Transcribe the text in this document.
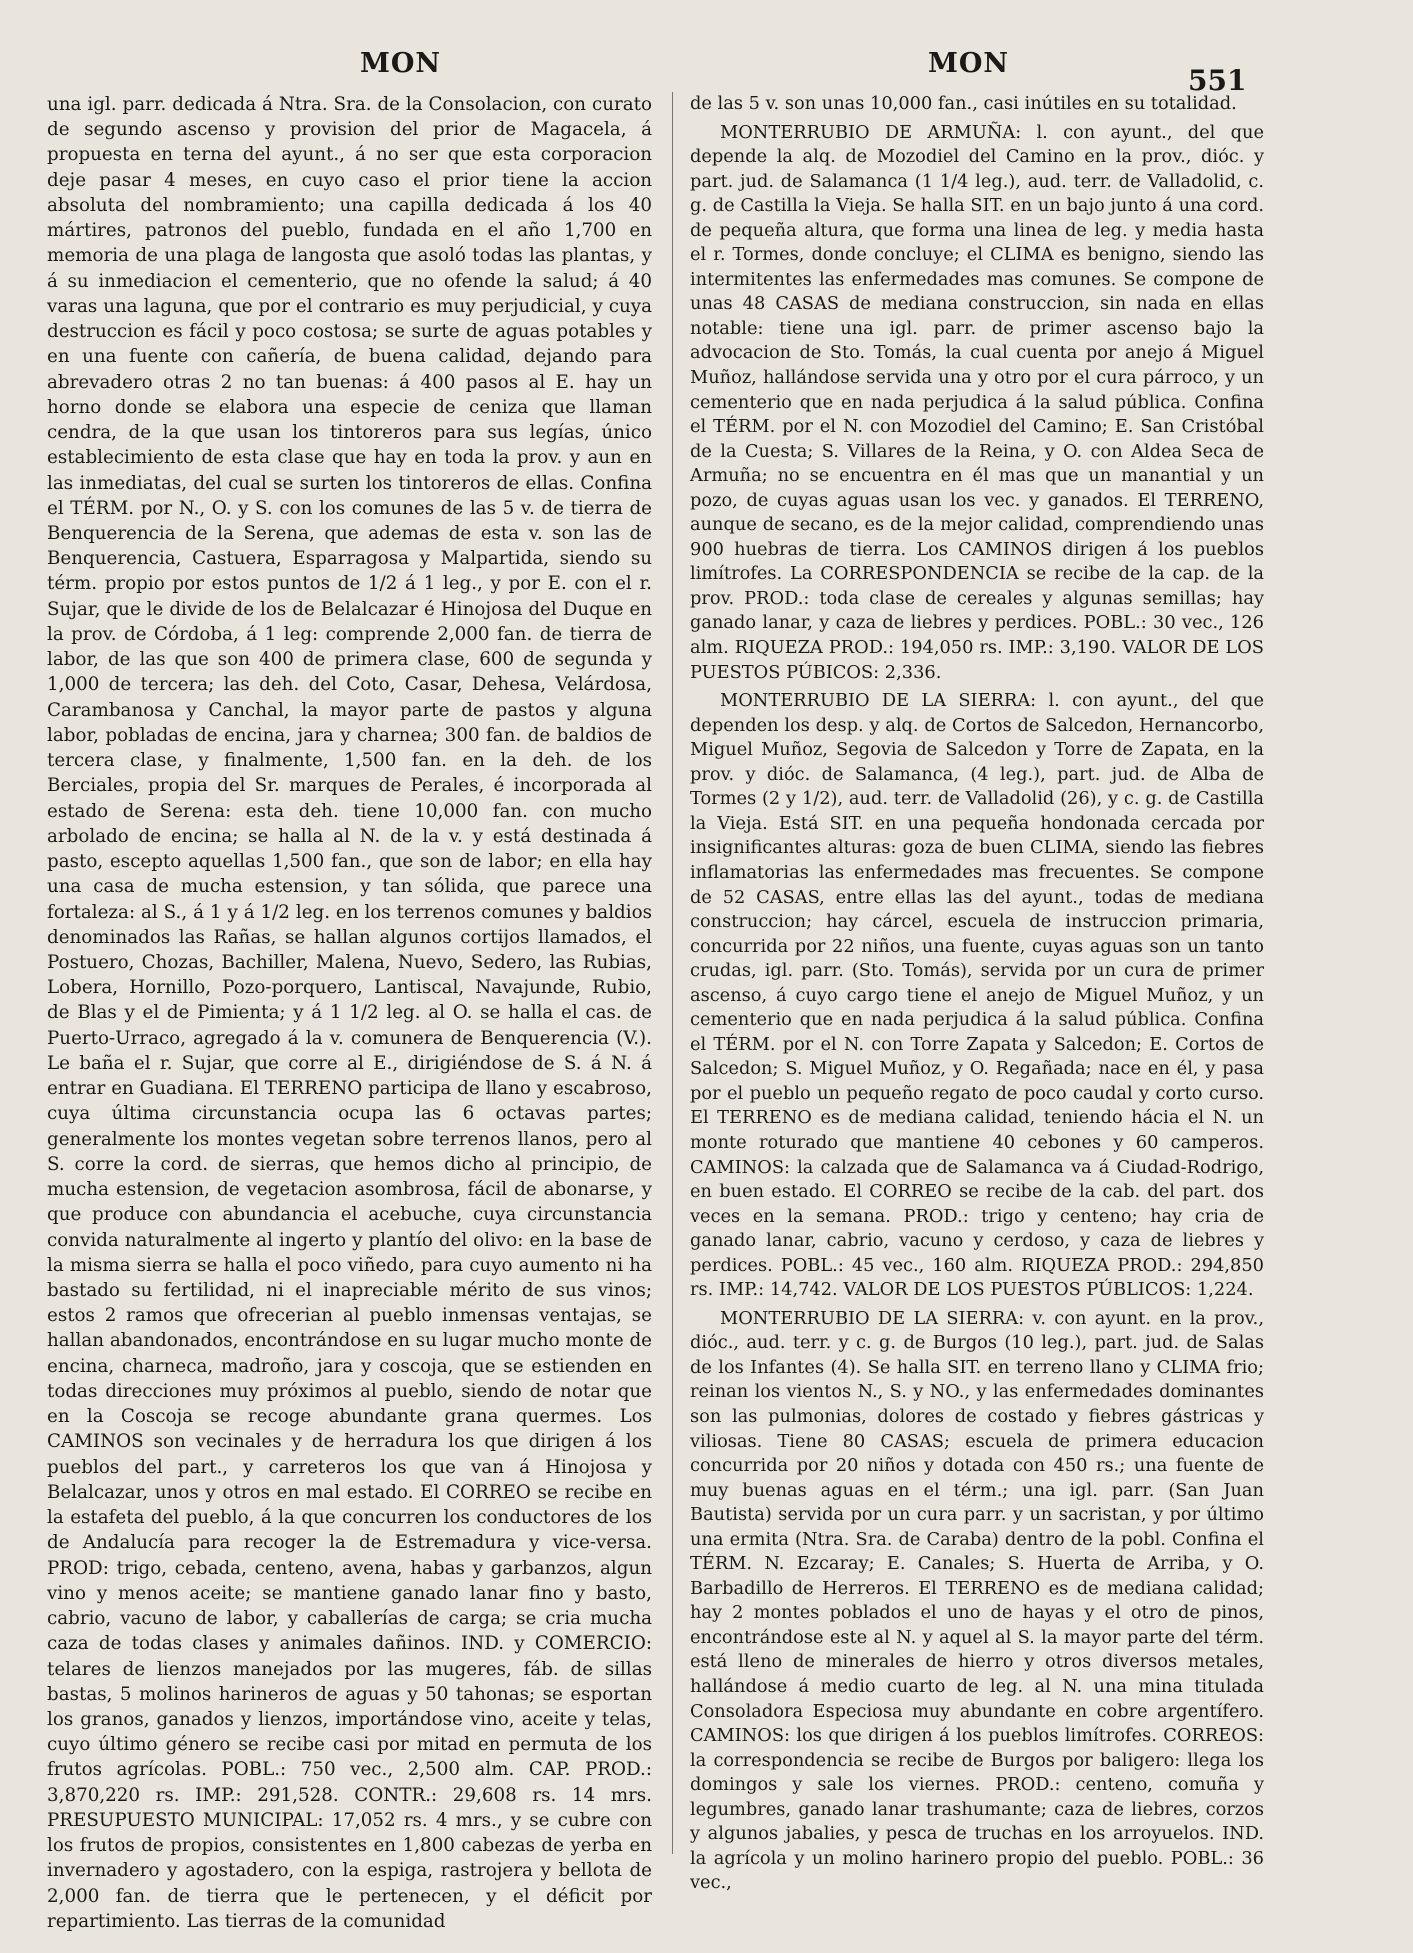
MON	MON
551

una igl. parr. dedicada á Ntra. Sra. de la Consolacion, con curato de segundo ascenso y provision del prior de Magacela, á propuesta en terna del ayunt., á no ser que esta corporacion deje pasar 4 meses, en cuyo caso el prior tiene la accion absoluta del nombramiento; una capilla dedicada á los 40 mártires, patronos del pueblo, fundada en el año 1,700 en memoria de una plaga de langosta que asoló todas las plantas, y á su inmediacion el cementerio, que no ofende la salud; á 40 varas una laguna, que por el contrario es muy perjudicial, y cuya destruccion es fácil y poco costosa; se surte de aguas potables y en una fuente con cañería, de buena calidad, dejando para abrevadero otras 2 no tan buenas: á 400 pasos al E. hay un horno donde se elabora una especie de ceniza que llaman cendra, de la que usan los tintoreros para sus legías, único establecimiento de esta clase que hay en toda la prov. y aun en las inmediatas, del cual se surten los tintoreros de ellas. Confina el TÉRM. por N., O. y S. con los comunes de las 5 v. de tierra de Benquerencia de la Serena, que ademas de esta v. son las de Benquerencia, Castuera, Esparragosa y Malpartida, siendo su térm. propio por estos puntos de 1/2 á 1 leg., y por E. con el r. Sujar, que le divide de los de Belalcazar é Hinojosa del Duque en la prov. de Córdoba, á 1 leg: comprende 2,000 fan. de tierra de labor, de las que son 400 de primera clase, 600 de segunda y 1,000 de tercera; las deh. del Coto, Casar, Dehesa, Velárdosa, Carambanosa y Canchal, la mayor parte de pastos y alguna labor, pobladas de encina, jara y charnea; 300 fan. de baldios de tercera clase, y finalmente, 1,500 fan. en la deh. de los Berciales, propia del Sr. marques de Perales, é incorporada al estado de Serena: esta deh. tiene 10,000 fan. con mucho arbolado de encina; se halla al N. de la v. y está destinada á pasto, escepto aquellas 1,500 fan., que son de labor; en ella hay una casa de mucha estension, y tan sólida, que parece una fortaleza: al S., á 1 y á 1/2 leg. en los terrenos comunes y baldios denominados las Rañas, se hallan algunos cortijos llamados, el Postuero, Chozas, Bachiller, Malena, Nuevo, Sedero, las Rubias, Lobera, Hornillo, Pozo-porquero, Lantiscal, Navajunde, Rubio, de Blas y el de Pimienta; y á 1 1/2 leg. al O. se halla el cas. de Puerto-Urraco, agregado á la v. comunera de Benquerencia (V.). Le baña el r. Sujar, que corre al E., dirigiéndose de S. á N. á entrar en Guadiana. El TERRENO participa de llano y escabroso, cuya última circunstancia ocupa las 6 octavas partes; generalmente los montes vegetan sobre terrenos llanos, pero al S. corre la cord. de sierras, que hemos dicho al principio, de mucha estension, de vegetacion asombrosa, fácil de abonarse, y que produce con abundancia el acebuche, cuya circunstancia convida naturalmente al ingerto y plantío del olivo: en la base de la misma sierra se halla el poco viñedo, para cuyo aumento ni ha bastado su fertilidad, ni el inapreciable mérito de sus vinos; estos 2 ramos que ofrecerian al pueblo inmensas ventajas, se hallan abandonados, encontrándose en su lugar mucho monte de encina, charneca, madroño, jara y coscoja, que se estienden en todas direcciones muy próximos al pueblo, siendo de notar que en la Coscoja se recoge abundante grana quermes. Los CAMINOS son vecinales y de herradura los que dirigen á los pueblos del part., y carreteros los que van á Hinojosa y Belalcazar, unos y otros en mal estado. El CORREO se recibe en la estafeta del pueblo, á la que concurren los conductores de los de Andalucía para recoger la de Estremadura y vice-versa. PROD: trigo, cebada, centeno, avena, habas y garbanzos, algun vino y menos aceite; se mantiene ganado lanar fino y basto, cabrio, vacuno de labor, y caballerías de carga; se cria mucha caza de todas clases y animales dañinos. IND. y COMERCIO: telares de lienzos manejados por las mugeres, fáb. de sillas bastas, 5 molinos harineros de aguas y 50 tahonas; se esportan los granos, ganados y lienzos, importándose vino, aceite y telas, cuyo último género se recibe casi por mitad en permuta de los frutos agrícolas. POBL.: 750 vec., 2,500 alm. CAP. PROD.: 3,870,220 rs. IMP.: 291,528. CONTR.: 29,608 rs. 14 mrs. PRESUPUESTO MUNICIPAL: 17,052 rs. 4 mrs., y se cubre con los frutos de propios, consistentes en 1,800 cabezas de yerba en invernadero y agostadero, con la espiga, rastrojera y bellota de 2,000 fan. de tierra que le pertenecen, y el déficit por repartimiento. Las tierras de la comunidad

de las 5 v. son unas 10,000 fan., casi inútiles en su totalidad.

MONTERRUBIO DE ARMUÑA: l. con ayunt., del que depende la alq. de Mozodiel del Camino en la prov., dióc. y part. jud. de Salamanca (1 1/4 leg.), aud. terr. de Valladolid, c. g. de Castilla la Vieja. Se halla SIT. en un bajo junto á una cord. de pequeña altura, que forma una linea de leg. y media hasta el r. Tormes, donde concluye; el CLIMA es benigno, siendo las intermitentes las enfermedades mas comunes. Se compone de unas 48 CASAS de mediana construccion, sin nada en ellas notable: tiene una igl. parr. de primer ascenso bajo la advocacion de Sto. Tomás, la cual cuenta por anejo á Miguel Muñoz, hallándose servida una y otro por el cura párroco, y un cementerio que en nada perjudica á la salud pública. Confina el TÉRM. por el N. con Mozodiel del Camino; E. San Cristóbal de la Cuesta; S. Villares de la Reina, y O. con Aldea Seca de Armuña; no se encuentra en él mas que un manantial y un pozo, de cuyas aguas usan los vec. y ganados. El TERRENO, aunque de secano, es de la mejor calidad, comprendiendo unas 900 huebras de tierra. Los CAMINOS dirigen á los pueblos limítrofes. La CORRESPONDENCIA se recibe de la cap. de la prov. PROD.: toda clase de cereales y algunas semillas; hay ganado lanar, y caza de liebres y perdices. POBL.: 30 vec., 126 alm. RIQUEZA PROD.: 194,050 rs. IMP.: 3,190. VALOR DE LOS PUESTOS PÚBICOS: 2,336.

MONTERRUBIO DE LA SIERRA: l. con ayunt., del que dependen los desp. y alq. de Cortos de Salcedon, Hernancorbo, Miguel Muñoz, Segovia de Salcedon y Torre de Zapata, en la prov. y dióc. de Salamanca, (4 leg.), part. jud. de Alba de Tormes (2 y 1/2), aud. terr. de Valladolid (26), y c. g. de Castilla la Vieja. Está SIT. en una pequeña hondonada cercada por insignificantes alturas: goza de buen CLIMA, siendo las fiebres inflamatorias las enfermedades mas frecuentes. Se compone de 52 CASAS, entre ellas las del ayunt., todas de mediana construccion; hay cárcel, escuela de instruccion primaria, concurrida por 22 niños, una fuente, cuyas aguas son un tanto crudas, igl. parr. (Sto. Tomás), servida por un cura de primer ascenso, á cuyo cargo tiene el anejo de Miguel Muñoz, y un cementerio que en nada perjudica á la salud pública. Confina el TÉRM. por el N. con Torre Zapata y Salcedon; E. Cortos de Salcedon; S. Miguel Muñoz, y O. Regañada; nace en él, y pasa por el pueblo un pequeño regato de poco caudal y corto curso. El TERRENO es de mediana calidad, teniendo hácia el N. un monte roturado que mantiene 40 cebones y 60 camperos. CAMINOS: la calzada que de Salamanca va á Ciudad-Rodrigo, en buen estado. El CORREO se recibe de la cab. del part. dos veces en la semana. PROD.: trigo y centeno; hay cria de ganado lanar, cabrio, vacuno y cerdoso, y caza de liebres y perdices. POBL.: 45 vec., 160 alm. RIQUEZA PROD.: 294,850 rs. IMP.: 14,742. VALOR DE LOS PUESTOS PÚBLICOS: 1,224.

MONTERRUBIO DE LA SIERRA: v. con ayunt. en la prov., dióc., aud. terr. y c. g. de Burgos (10 leg.), part. jud. de Salas de los Infantes (4). Se halla SIT. en terreno llano y CLIMA frio; reinan los vientos N., S. y NO., y las enfermedades dominantes son las pulmonias, dolores de costado y fiebres gástricas y viliosas. Tiene 80 CASAS; escuela de primera educacion concurrida por 20 niños y dotada con 450 rs.; una fuente de muy buenas aguas en el térm.; una igl. parr. (San Juan Bautista) servida por un cura parr. y un sacristan, y por último una ermita (Ntra. Sra. de Caraba) dentro de la pobl. Confina el TÉRM. N. Ezcaray; E. Canales; S. Huerta de Arriba, y O. Barbadillo de Herreros. El TERRENO es de mediana calidad; hay 2 montes poblados el uno de hayas y el otro de pinos, encontrándose este al N. y aquel al S. la mayor parte del térm. está lleno de minerales de hierro y otros diversos metales, hallándose á medio cuarto de leg. al N. una mina titulada Consoladora Especiosa muy abundante en cobre argentífero. CAMINOS: los que dirigen á los pueblos limítrofes. CORREOS: la correspondencia se recibe de Burgos por baligero: llega los domingos y sale los viernes. PROD.: centeno, comuña y legumbres, ganado lanar trashumante; caza de liebres, corzos y algunos jabalies, y pesca de truchas en los arroyuelos. IND. la agrícola y un molino harinero propio del pueblo. POBL.: 36 vec.,
